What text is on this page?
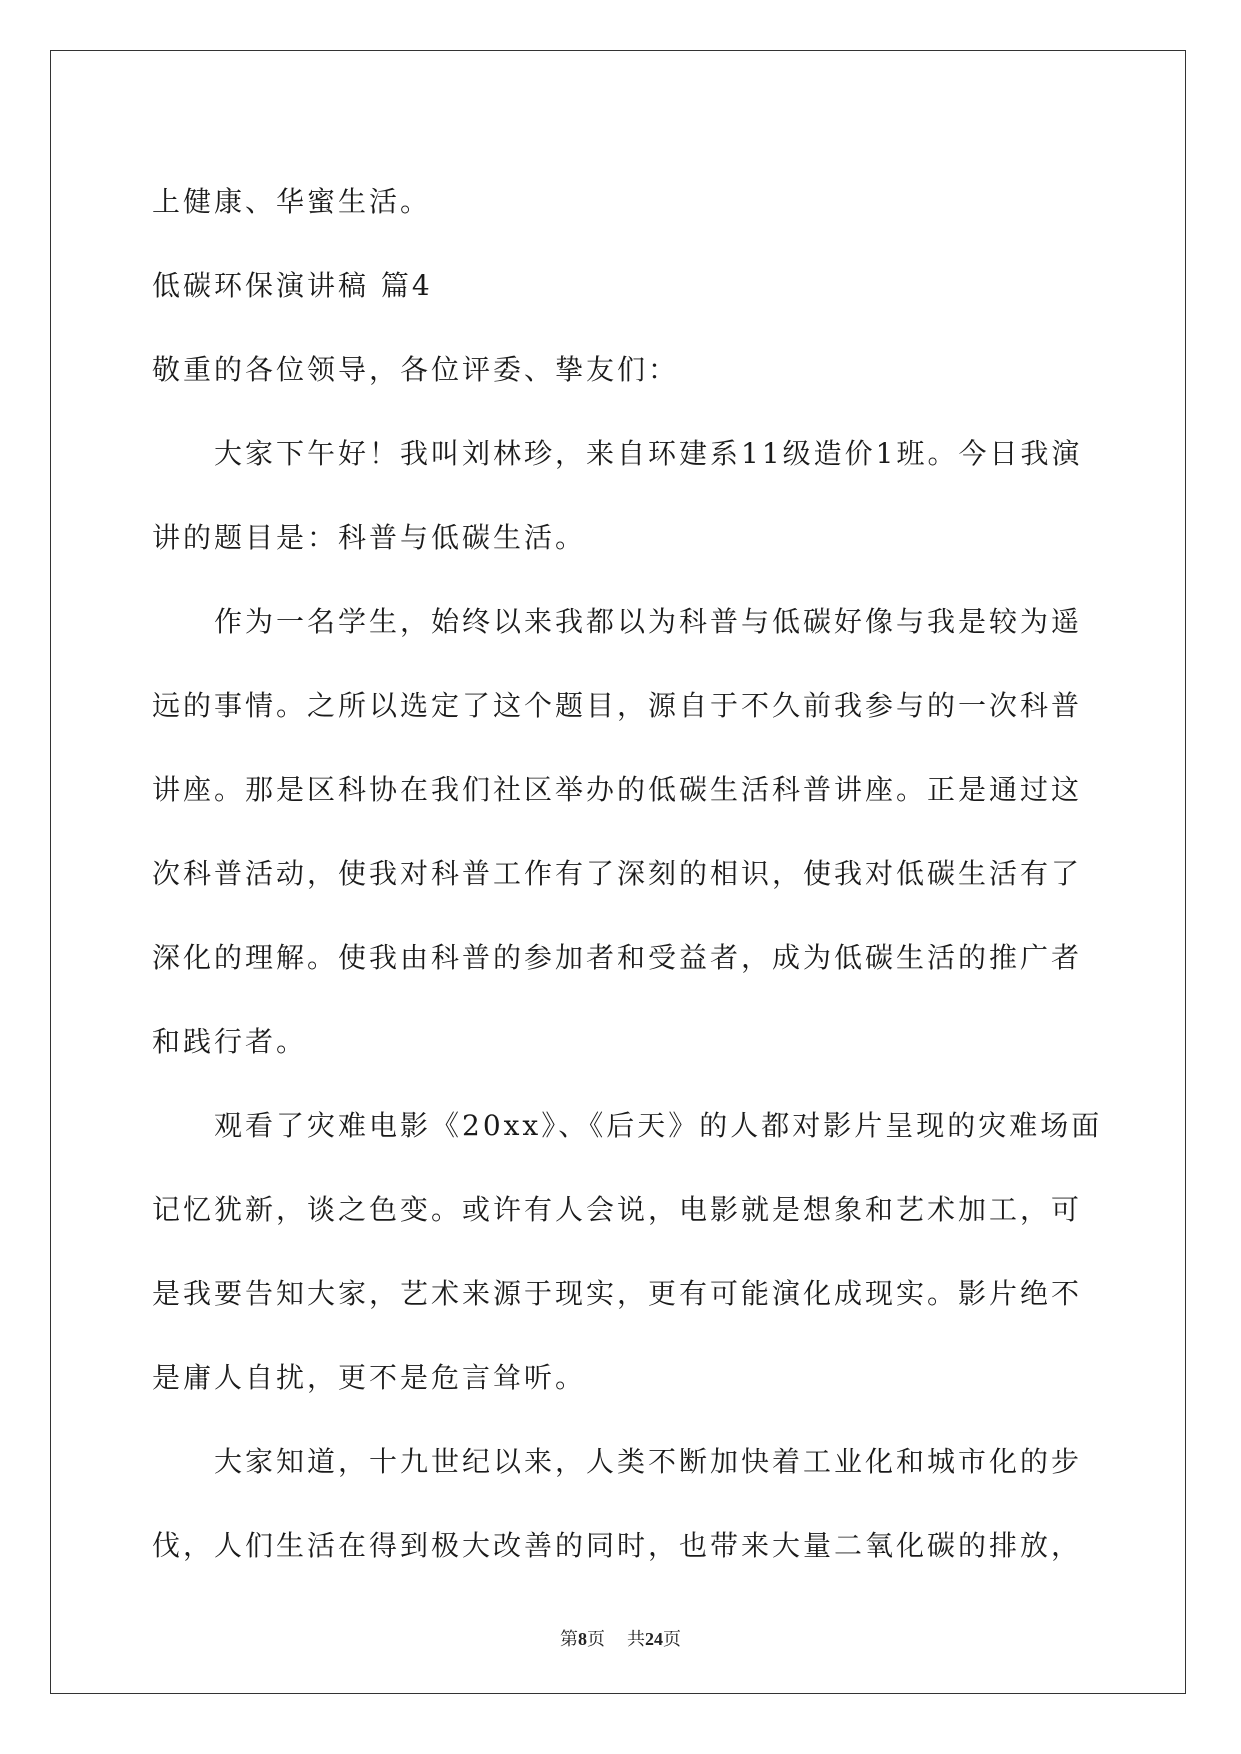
上健康、华蜜生活。
低碳环保演讲稿 篇4
敬重的各位领导，各位评委、挚友们：
　　大家下午好！我叫刘林珍，来自环建系11级造价1班。今日我演
讲的题目是：科普与低碳生活。
　　作为一名学生，始终以来我都以为科普与低碳好像与我是较为遥
远的事情。之所以选定了这个题目，源自于不久前我参与的一次科普
讲座。那是区科协在我们社区举办的低碳生活科普讲座。正是通过这
次科普活动，使我对科普工作有了深刻的相识，使我对低碳生活有了
深化的理解。使我由科普的参加者和受益者，成为低碳生活的推广者
和践行者。
　　观看了灾难电影《20xx》、《后天》的人都对影片呈现的灾难场面
记忆犹新，谈之色变。或许有人会说，电影就是想象和艺术加工，可
是我要告知大家，艺术来源于现实，更有可能演化成现实。影片绝不
是庸人自扰，更不是危言耸听。
　　大家知道，十九世纪以来，人类不断加快着工业化和城市化的步
伐，人们生活在得到极大改善的同时，也带来大量二氧化碳的排放，
第8页 共24页
